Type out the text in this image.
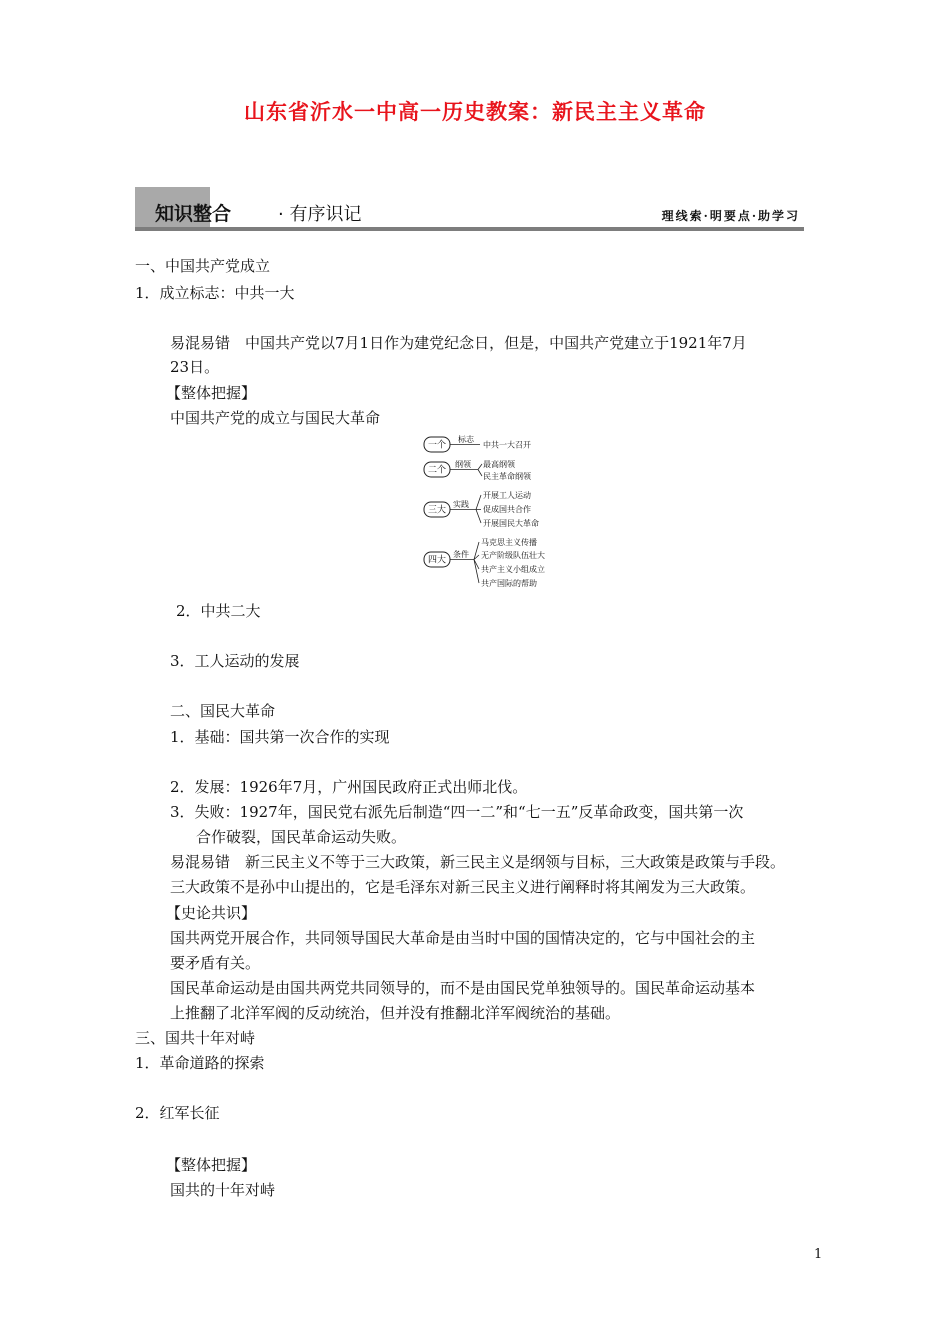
山东省沂水一中高一历史教案：新民主主义革命
知识整合	· 有序识记	理线索·明要点·助学习
一、中国共产党成立
1．成立标志：中共一大
易混易错　中国共产党以7月1日作为建党纪念日，但是，中国共产党建立于1921年7月
23日。
【整体把握】
中国共产党的成立与国民大革命
一个
标志
中共一大召开
二个
纲领 最高纲领
民主革命纲领
三大
实践
开展工人运动
促成国共合作
开展国民大革命
四大
条件
马克思主义传播
无产阶级队伍壮大
共产主义小组成立
共产国际的帮助
2．中共二大
3．工人运动的发展
二、国民大革命
1．基础：国共第一次合作的实现
2．发展：1926年7月，广州国民政府正式出师北伐。
3．失败：1927年，国民党右派先后制造“四一二”和“七一五”反革命政变，国共第一次
合作破裂，国民革命运动失败。
易混易错　新三民主义不等于三大政策，新三民主义是纲领与目标，三大政策是政策与手段。
三大政策不是孙中山提出的，它是毛泽东对新三民主义进行阐释时将其阐发为三大政策。
【史论共识】
国共两党开展合作，共同领导国民大革命是由当时中国的国情决定的，它与中国社会的主
要矛盾有关。
国民革命运动是由国共两党共同领导的，而不是由国民党单独领导的。国民革命运动基本
上推翻了北洋军阀的反动统治，但并没有推翻北洋军阀统治的基础。
三、国共十年对峙
1．革命道路的探索
2．红军长征
【整体把握】
国共的十年对峙
1
